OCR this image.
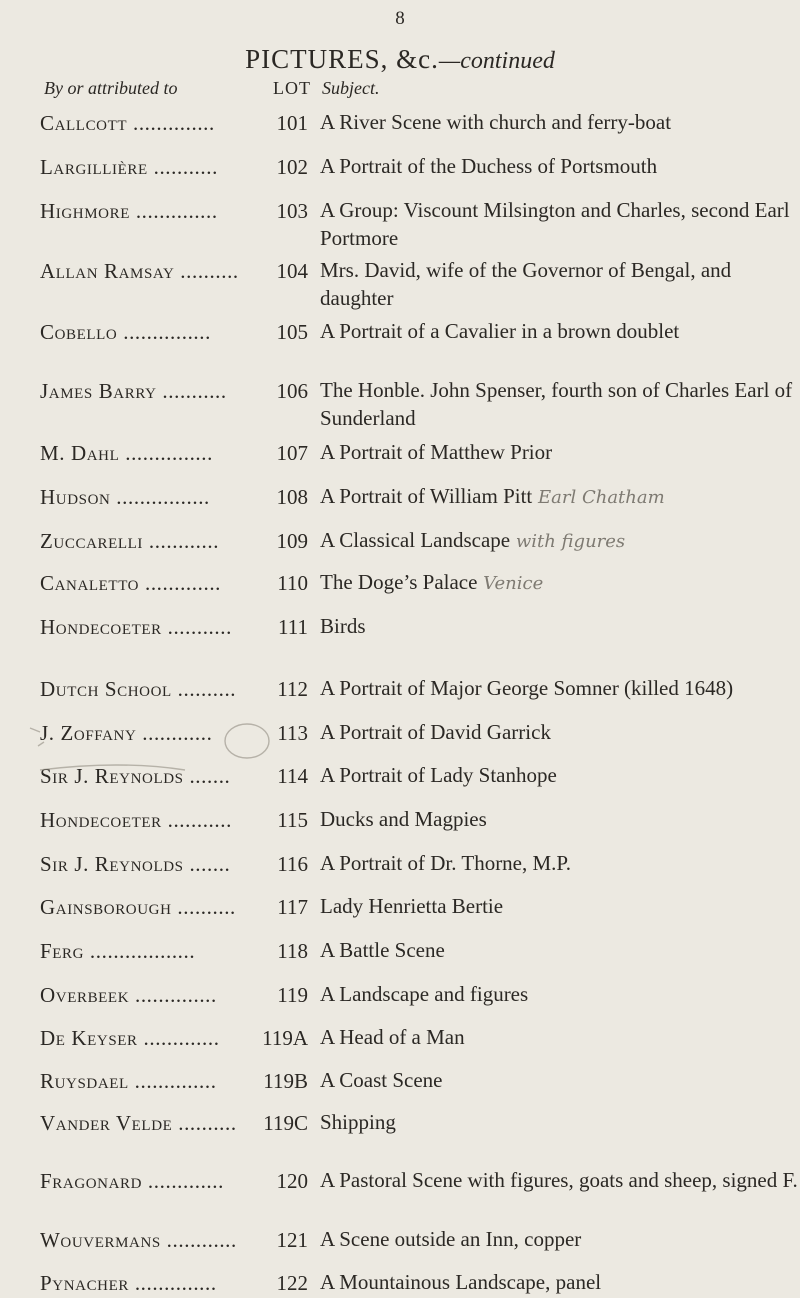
8
PICTURES, &c.—continued
By or attributed to	LOT Subject.
Callcott ..............	101 A River Scene with church and ferry-boat
Largillière ...........	102 A Portrait of the Duchess of Portsmouth
Highmore ..............	103 A Group: Viscount Milsington and Charles, second Earl Portmore
Allan Ramsay ..........	104 Mrs. David, wife of the Governor of Bengal, and daughter
Cobello ...............	105 A Portrait of a Cavalier in a brown doublet
James Barry ...........	106 The Honble. John Spenser, fourth son of Charles Earl of Sunderland
M. Dahl ...............	107 A Portrait of Matthew Prior
Hudson ................	108 A Portrait of William Pitt Earl Chatham
Zuccarelli ............	109 A Classical Landscape with figures
Canaletto .............	110 The Doge’s Palace Venice
Hondecoeter ...........	111 Birds
Dutch School ..........	112 A Portrait of Major George Somner (killed 1648)
J. Zoffany ............	113 A Portrait of David Garrick
Sir J. Reynolds .......	114 A Portrait of Lady Stanhope
Hondecoeter ...........	115 Ducks and Magpies
Sir J. Reynolds .......	116 A Portrait of Dr. Thorne, M.P.
Gainsborough ..........	117 Lady Henrietta Bertie
Ferg ..................	118 A Battle Scene
Overbeek ..............	119 A Landscape and figures
De Keyser .............	119A A Head of a Man
Ruysdael ..............	119B A Coast Scene
Vander Velde ..........	119C Shipping
Fragonard .............	120 A Pastoral Scene with figures, goats and sheep, signed F.
Wouvermans ............	121 A Scene outside an Inn, copper
Pynacher ..............	122 A Mountainous Landscape, panel
